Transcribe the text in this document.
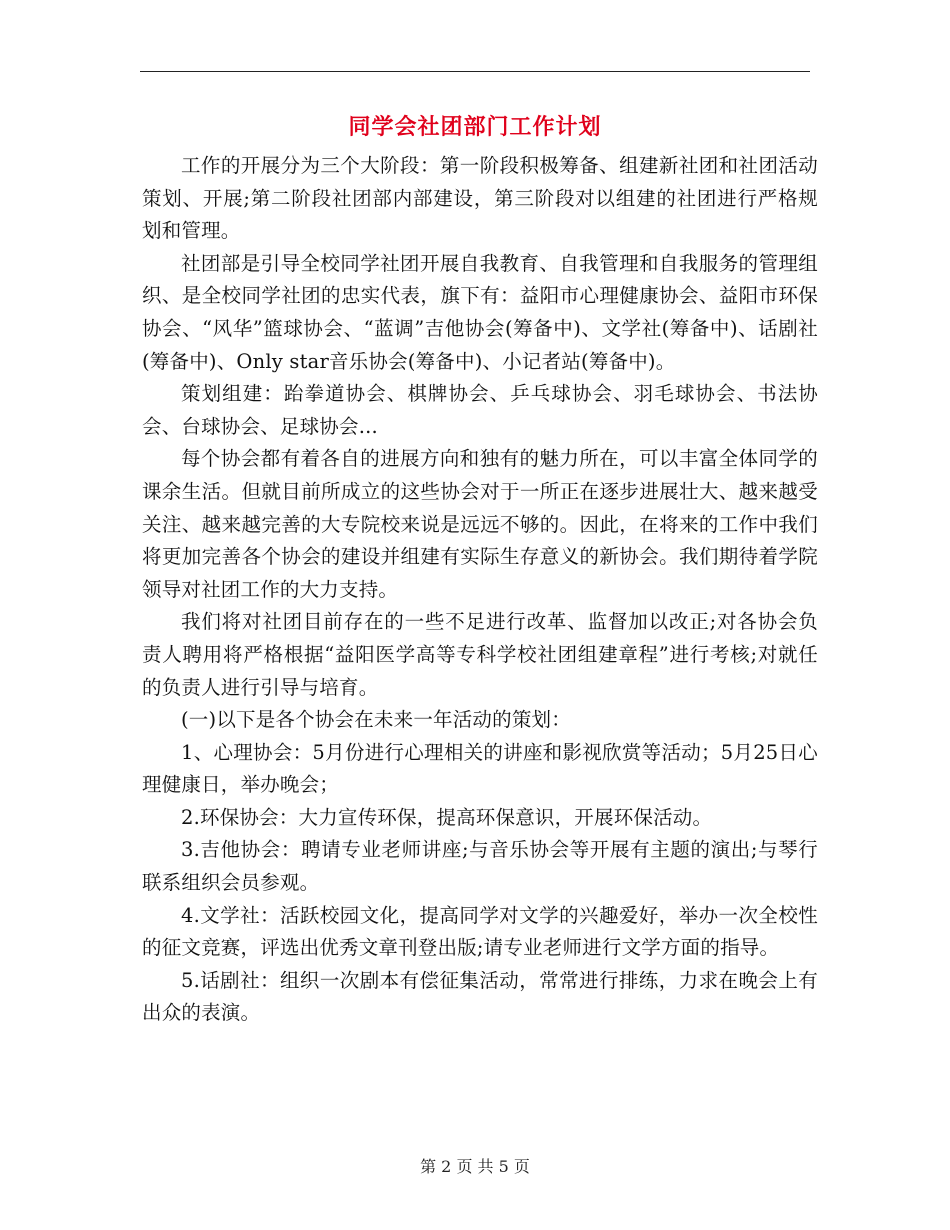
同学会社团部门工作计划

工作的开展分为三个大阶段：第一阶段积极筹备、组建新社团和社团活动策划、开展;第二阶段社团部内部建设，第三阶段对以组建的社团进行严格规划和管理。

社团部是引导全校同学社团开展自我教育、自我管理和自我服务的管理组织、是全校同学社团的忠实代表，旗下有：益阳市心理健康协会、益阳市环保协会、“风华”篮球协会、“蓝调”吉他协会(筹备中)、文学社(筹备中)、话剧社(筹备中)、Only star音乐协会(筹备中)、小记者站(筹备中)。

策划组建：跆拳道协会、棋牌协会、乒乓球协会、羽毛球协会、书法协会、台球协会、足球协会...

每个协会都有着各自的进展方向和独有的魅力所在，可以丰富全体同学的课余生活。但就目前所成立的这些协会对于一所正在逐步进展壮大、越来越受关注、越来越完善的大专院校来说是远远不够的。因此，在将来的工作中我们将更加完善各个协会的建设并组建有实际生存意义的新协会。我们期待着学院领导对社团工作的大力支持。

我们将对社团目前存在的一些不足进行改革、监督加以改正;对各协会负责人聘用将严格根据“益阳医学高等专科学校社团组建章程”进行考核;对就任的负责人进行引导与培育。

(一)以下是各个协会在未来一年活动的策划：

1、心理协会：5月份进行心理相关的讲座和影视欣赏等活动；5月25日心理健康日，举办晚会；

2.环保协会：大力宣传环保，提高环保意识，开展环保活动。

3.吉他协会：聘请专业老师讲座;与音乐协会等开展有主题的演出;与琴行联系组织会员参观。

4.文学社：活跃校园文化，提高同学对文学的兴趣爱好，举办一次全校性的征文竞赛，评选出优秀文章刊登出版;请专业老师进行文学方面的指导。

5.话剧社：组织一次剧本有偿征集活动，常常进行排练，力求在晚会上有出众的表演。

第 2 页 共 5 页
